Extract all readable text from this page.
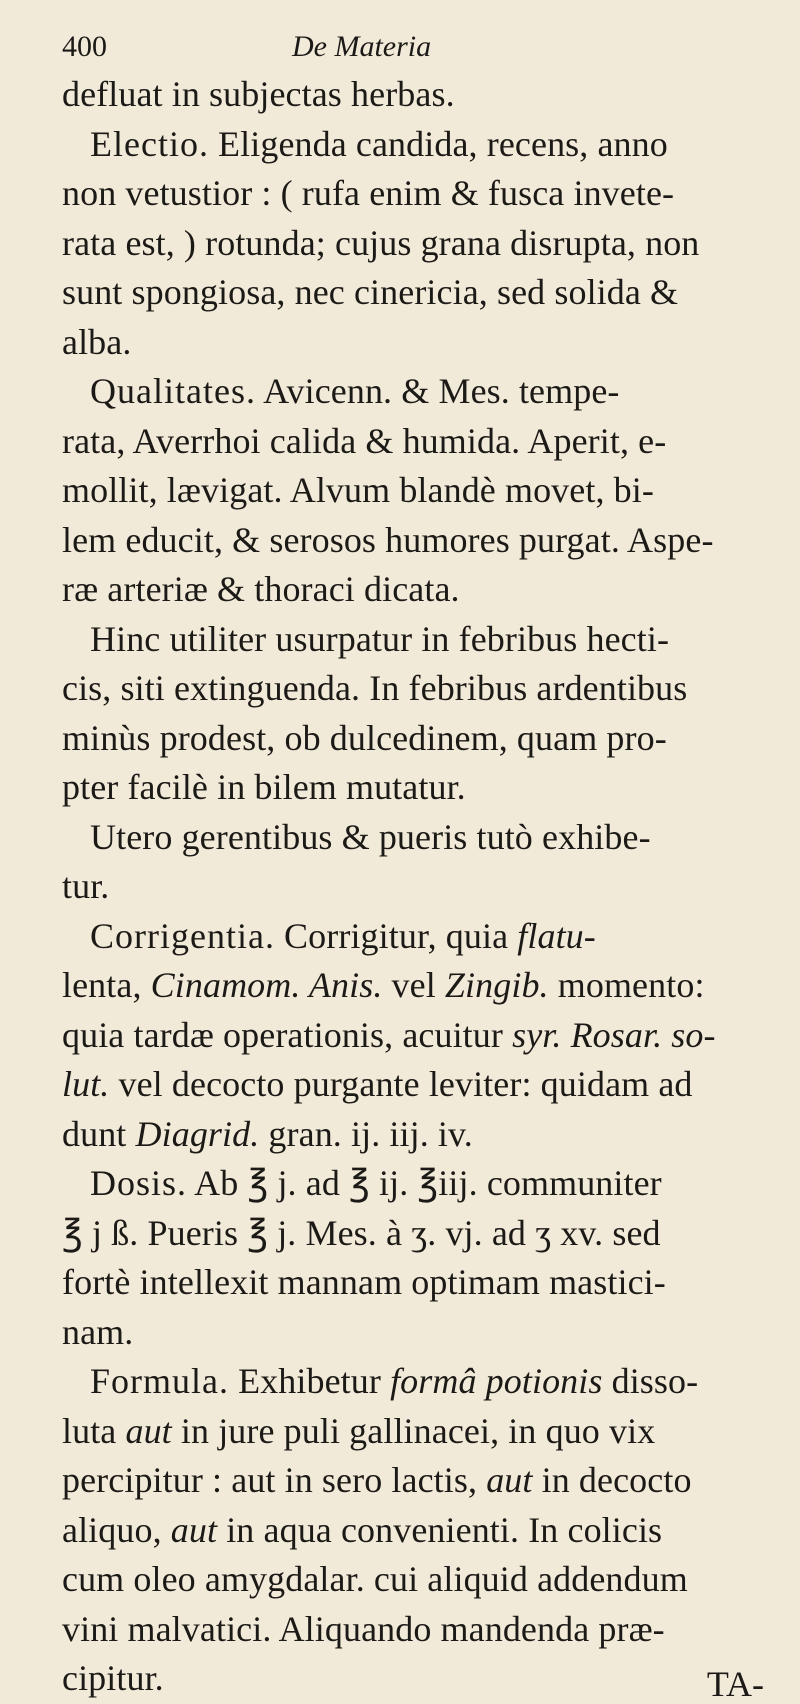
400	De Materia
defluat in subjectas herbas.
Electio. Eligenda candida, recens, anno
non vetustior : ( rufa enim & fusca invete-
rata est, ) rotunda; cujus grana disrupta, non
sunt spongiosa, nec cinericia, sed solida &
alba.
Qualitates. Avicenn. & Mes. tempe-
rata, Averrhoi calida & humida. Aperit, e-
mollit, lævigat. Alvum blandè movet, bi-
lem educit, & serosos humores purgat. Aspe-
ræ arteriæ & thoraci dicata.
Hinc utiliter usurpatur in febribus hecti-
cis, siti extinguenda. In febribus ardentibus
minùs prodest, ob dulcedinem, quam pro-
pter facilè in bilem mutatur.
Utero gerentibus & pueris tutò exhibe-
tur.
Corrigentia. Corrigitur, quia flatu-
lenta, Cinamom. Anis. vel Zingib. momento:
quia tardæ operationis, acuitur syr. Rosar. so-
lut. vel decocto purgante leviter: quidam ad
dunt Diagrid. gran. ij. iij. iv.
Dosis. Ab ℥ j. ad ℥ ij. ℥iij. communiter
℥ j ß. Pueris ℥ j. Mes. à ʒ. vj. ad ʒ xv. sed
fortè intellexit mannam optimam mastici-
nam.
Formula. Exhibetur formâ potionis disso-
luta aut in jure puli gallinacei, in quo vix
percipitur : aut in sero lactis, aut in decocto
aliquo, aut in aqua convenienti. In colicis
cum oleo amygdalar. cui aliquid addendum
vini malvatici. Aliquando mandenda præ-
cipitur.	TA-
